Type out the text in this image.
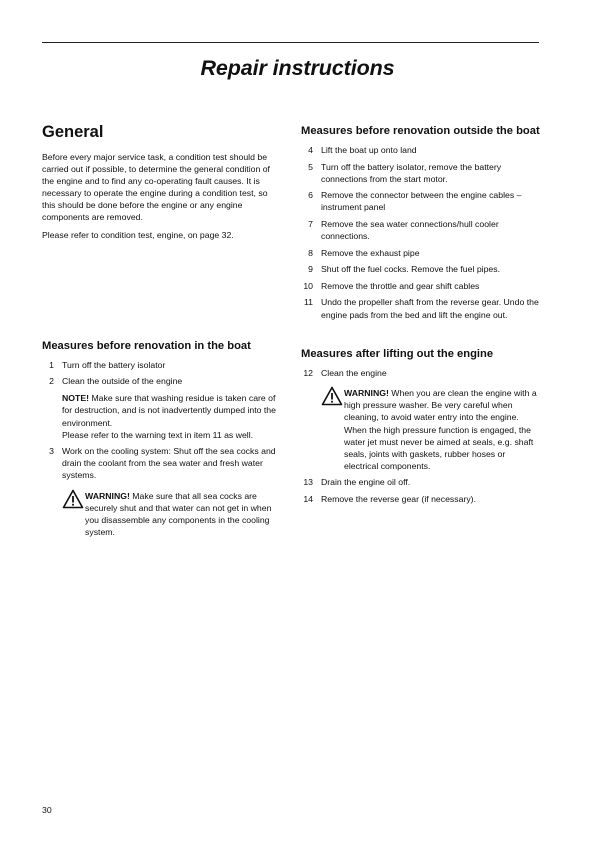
Repair instructions
General

Before every major service task, a condition test should be carried out if possible, to determine the general condition of the engine and to find any co-operating fault causes. It is necessary to operate the engine during a condition test, so this should be done before the engine or any engine components are removed.

Please refer to condition test, engine, on page 32.

Measures before renovation in the boat
1 Turn off the battery isolator
2 Clean the outside of the engine
NOTE! Make sure that washing residue is taken care of for destruction, and is not inadvertently dumped into the environment.
Please refer to the warning text in item 11 as well.
3 Work on the cooling system: Shut off the sea cocks and drain the coolant from the sea water and fresh water systems.
WARNING! Make sure that all sea cocks are securely shut and that water can not get in when you disassemble any components in the cooling system.
Measures before renovation outside the boat
4 Lift the boat up onto land
5 Turn off the battery isolator, remove the battery connections from the start motor.
6 Remove the connector between the engine cables – instrument panel
7 Remove the sea water connections/hull cooler connections.
8 Remove the exhaust pipe
9 Shut off the fuel cocks. Remove the fuel pipes.
10 Remove the throttle and gear shift cables
11 Undo the propeller shaft from the reverse gear. Undo the engine pads from the bed and lift the engine out.
Measures after lifting out the engine
12 Clean the engine
WARNING! When you are clean the engine with a high pressure washer. Be very careful when cleaning, to avoid water entry into the engine. When the high pressure function is engaged, the water jet must never be aimed at seals, e.g. shaft seals, joints with gaskets, rubber hoses or electrical components.
13 Drain the engine oil off.
14 Remove the reverse gear (if necessary).
30
